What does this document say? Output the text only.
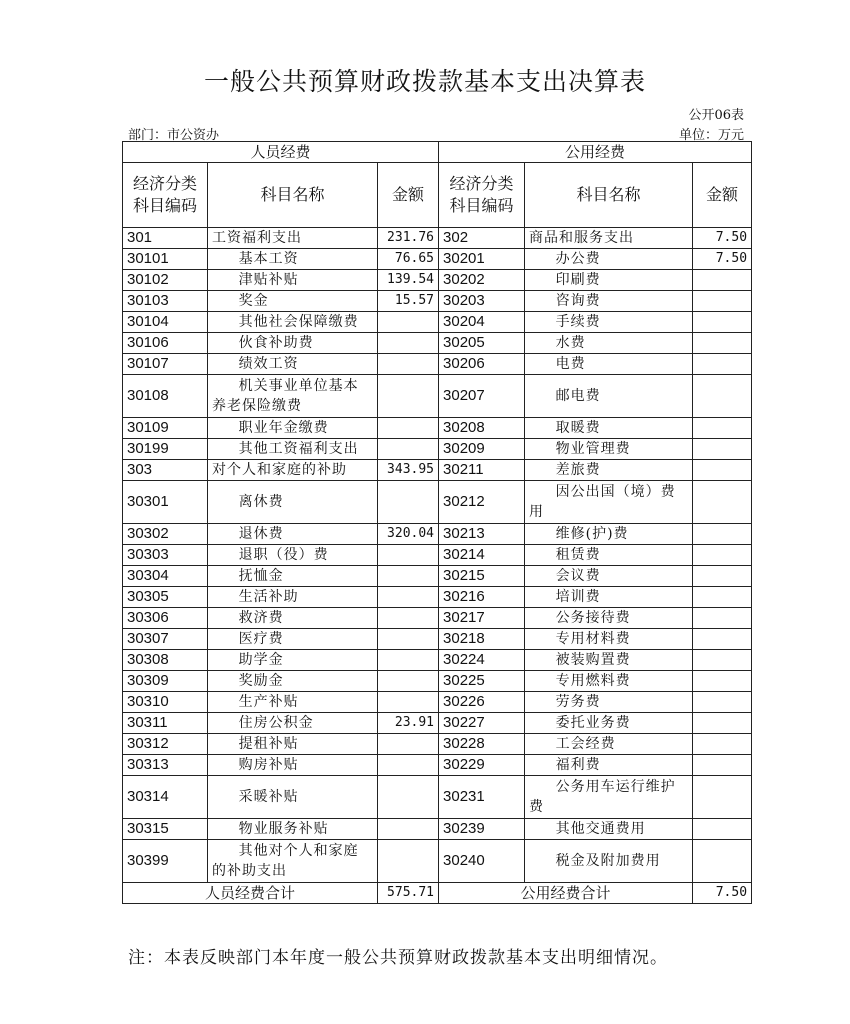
一般公共预算财政拨款基本支出决算表
公开06表
部门：市公资办	单位：万元
人员经费			公用经费		
经济分类科目编码	科目名称	金额	经济分类科目编码	科目名称	金额
301	工资福利支出	231.76	302	商品和服务支出	7.50
30101	基本工资	76.65	30201	办公费	7.50
30102	津贴补贴	139.54	30202	印刷费	
30103	奖金	15.57	30203	咨询费	
30104	其他社会保障缴费		30204	手续费	
30106	伙食补助费		30205	水费	
30107	绩效工资		30206	电费	
30108	机关事业单位基本养老保险缴费		30207	邮电费	
30109	职业年金缴费		30208	取暖费	
30199	其他工资福利支出		30209	物业管理费	
303	对个人和家庭的补助	343.95	30211	差旅费	
30301	离休费		30212	因公出国（境）费用	
30302	退休费	320.04	30213	维修(护)费	
30303	退职（役）费		30214	租赁费	
30304	抚恤金		30215	会议费	
30305	生活补助		30216	培训费	
30306	救济费		30217	公务接待费	
30307	医疗费		30218	专用材料费	
30308	助学金		30224	被装购置费	
30309	奖励金		30225	专用燃料费	
30310	生产补贴		30226	劳务费	
30311	住房公积金	23.91	30227	委托业务费	
30312	提租补贴		30228	工会经费	
30313	购房补贴		30229	福利费	
30314	采暖补贴		30231	公务用车运行维护费	
30315	物业服务补贴		30239	其他交通费用	
30399	其他对个人和家庭的补助支出		30240	税金及附加费用	
人员经费合计		575.71	公用经费合计		7.50
注：本表反映部门本年度一般公共预算财政拨款基本支出明细情况。
